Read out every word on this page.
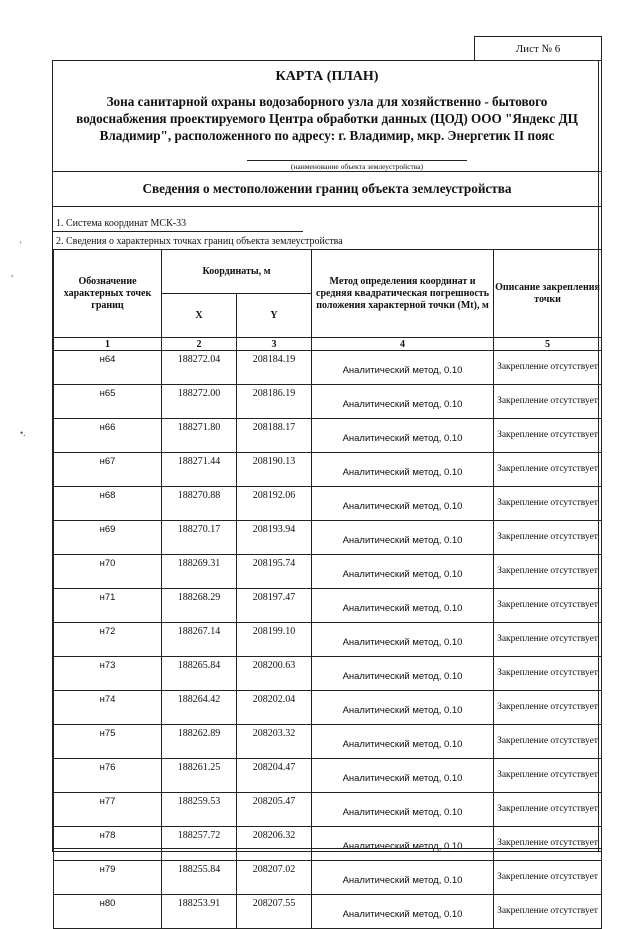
Лист № 6
КАРТА (ПЛАН)
Зона санитарной охраны водозаборного узла для хозяйственно - бытового водоснабжения проектируемого Центра обработки данных (ЦОД) ООО "Яндекс ДЦ Владимир", расположенного по адресу: г. Владимир, мкр. Энергетик II пояс
(наименование объекта землеустройства)
Сведения о местоположении границ объекта землеустройства
1. Система координат МСК-33
2. Сведения о характерных точках границ объекта землеустройства
Обозначение характерных точек границ	Координаты, м		Метод определения координат и средняя квадратическая погрешность положения характерной точки (Mt), м	Описание закрепления точки
	X	Y		
1	2	3	4	5
н64	188272.04	208184.19	Аналитический метод, 0.10	Закрепление отсутствует
н65	188272.00	208186.19	Аналитический метод, 0.10	Закрепление отсутствует
н66	188271.80	208188.17	Аналитический метод, 0.10	Закрепление отсутствует
н67	188271.44	208190.13	Аналитический метод, 0.10	Закрепление отсутствует
н68	188270.88	208192.06	Аналитический метод, 0.10	Закрепление отсутствует
н69	188270.17	208193.94	Аналитический метод, 0.10	Закрепление отсутствует
н70	188269.31	208195.74	Аналитический метод, 0.10	Закрепление отсутствует
н71	188268.29	208197.47	Аналитический метод, 0.10	Закрепление отсутствует
н72	188267.14	208199.10	Аналитический метод, 0.10	Закрепление отсутствует
н73	188265.84	208200.63	Аналитический метод, 0.10	Закрепление отсутствует
н74	188264.42	208202.04	Аналитический метод, 0.10	Закрепление отсутствует
н75	188262.89	208203.32	Аналитический метод, 0.10	Закрепление отсутствует
н76	188261.25	208204.47	Аналитический метод, 0.10	Закрепление отсутствует
н77	188259.53	208205.47	Аналитический метод, 0.10	Закрепление отсутствует
н78	188257.72	208206.32	Аналитический метод, 0.10	Закрепление отсутствует
н79	188255.84	208207.02	Аналитический метод, 0.10	Закрепление отсутствует
н80	188253.91	208207.55	Аналитический метод, 0.10	Закрепление отсутствует
,
'
•.
